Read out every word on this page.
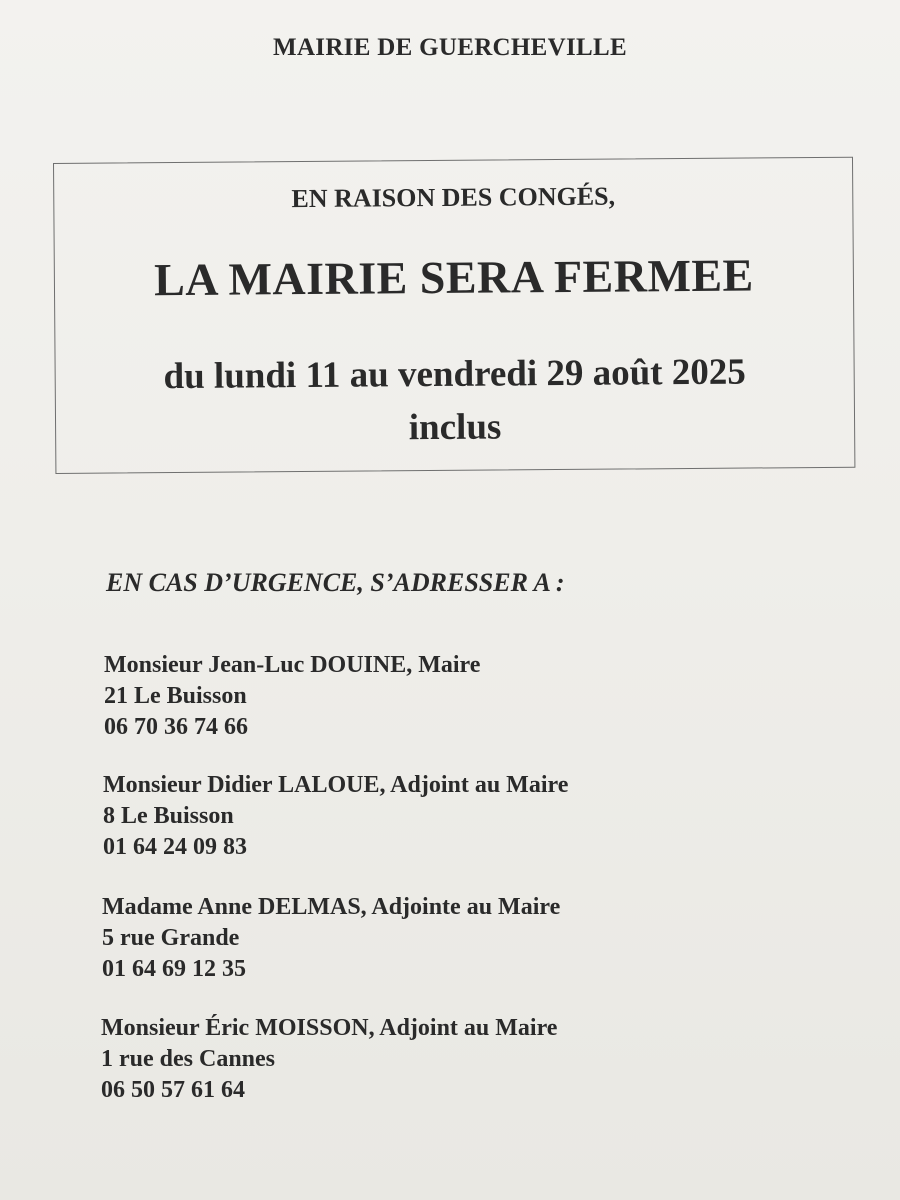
MAIRIE DE GUERCHEVILLE
EN RAISON DES CONGÉS,
LA MAIRIE SERA FERMEE
du lundi 11 au vendredi 29 août 2025
inclus
EN CAS D’URGENCE, S’ADRESSER A :
Monsieur Jean-Luc DOUINE, Maire
21 Le Buisson
06 70 36 74 66
Monsieur Didier LALOUE, Adjoint au Maire
8 Le Buisson
01 64 24 09 83
Madame Anne DELMAS, Adjointe au Maire
5 rue Grande
01 64 69 12 35
Monsieur Éric MOISSON, Adjoint au Maire
1 rue des Cannes
06 50 57 61 64
